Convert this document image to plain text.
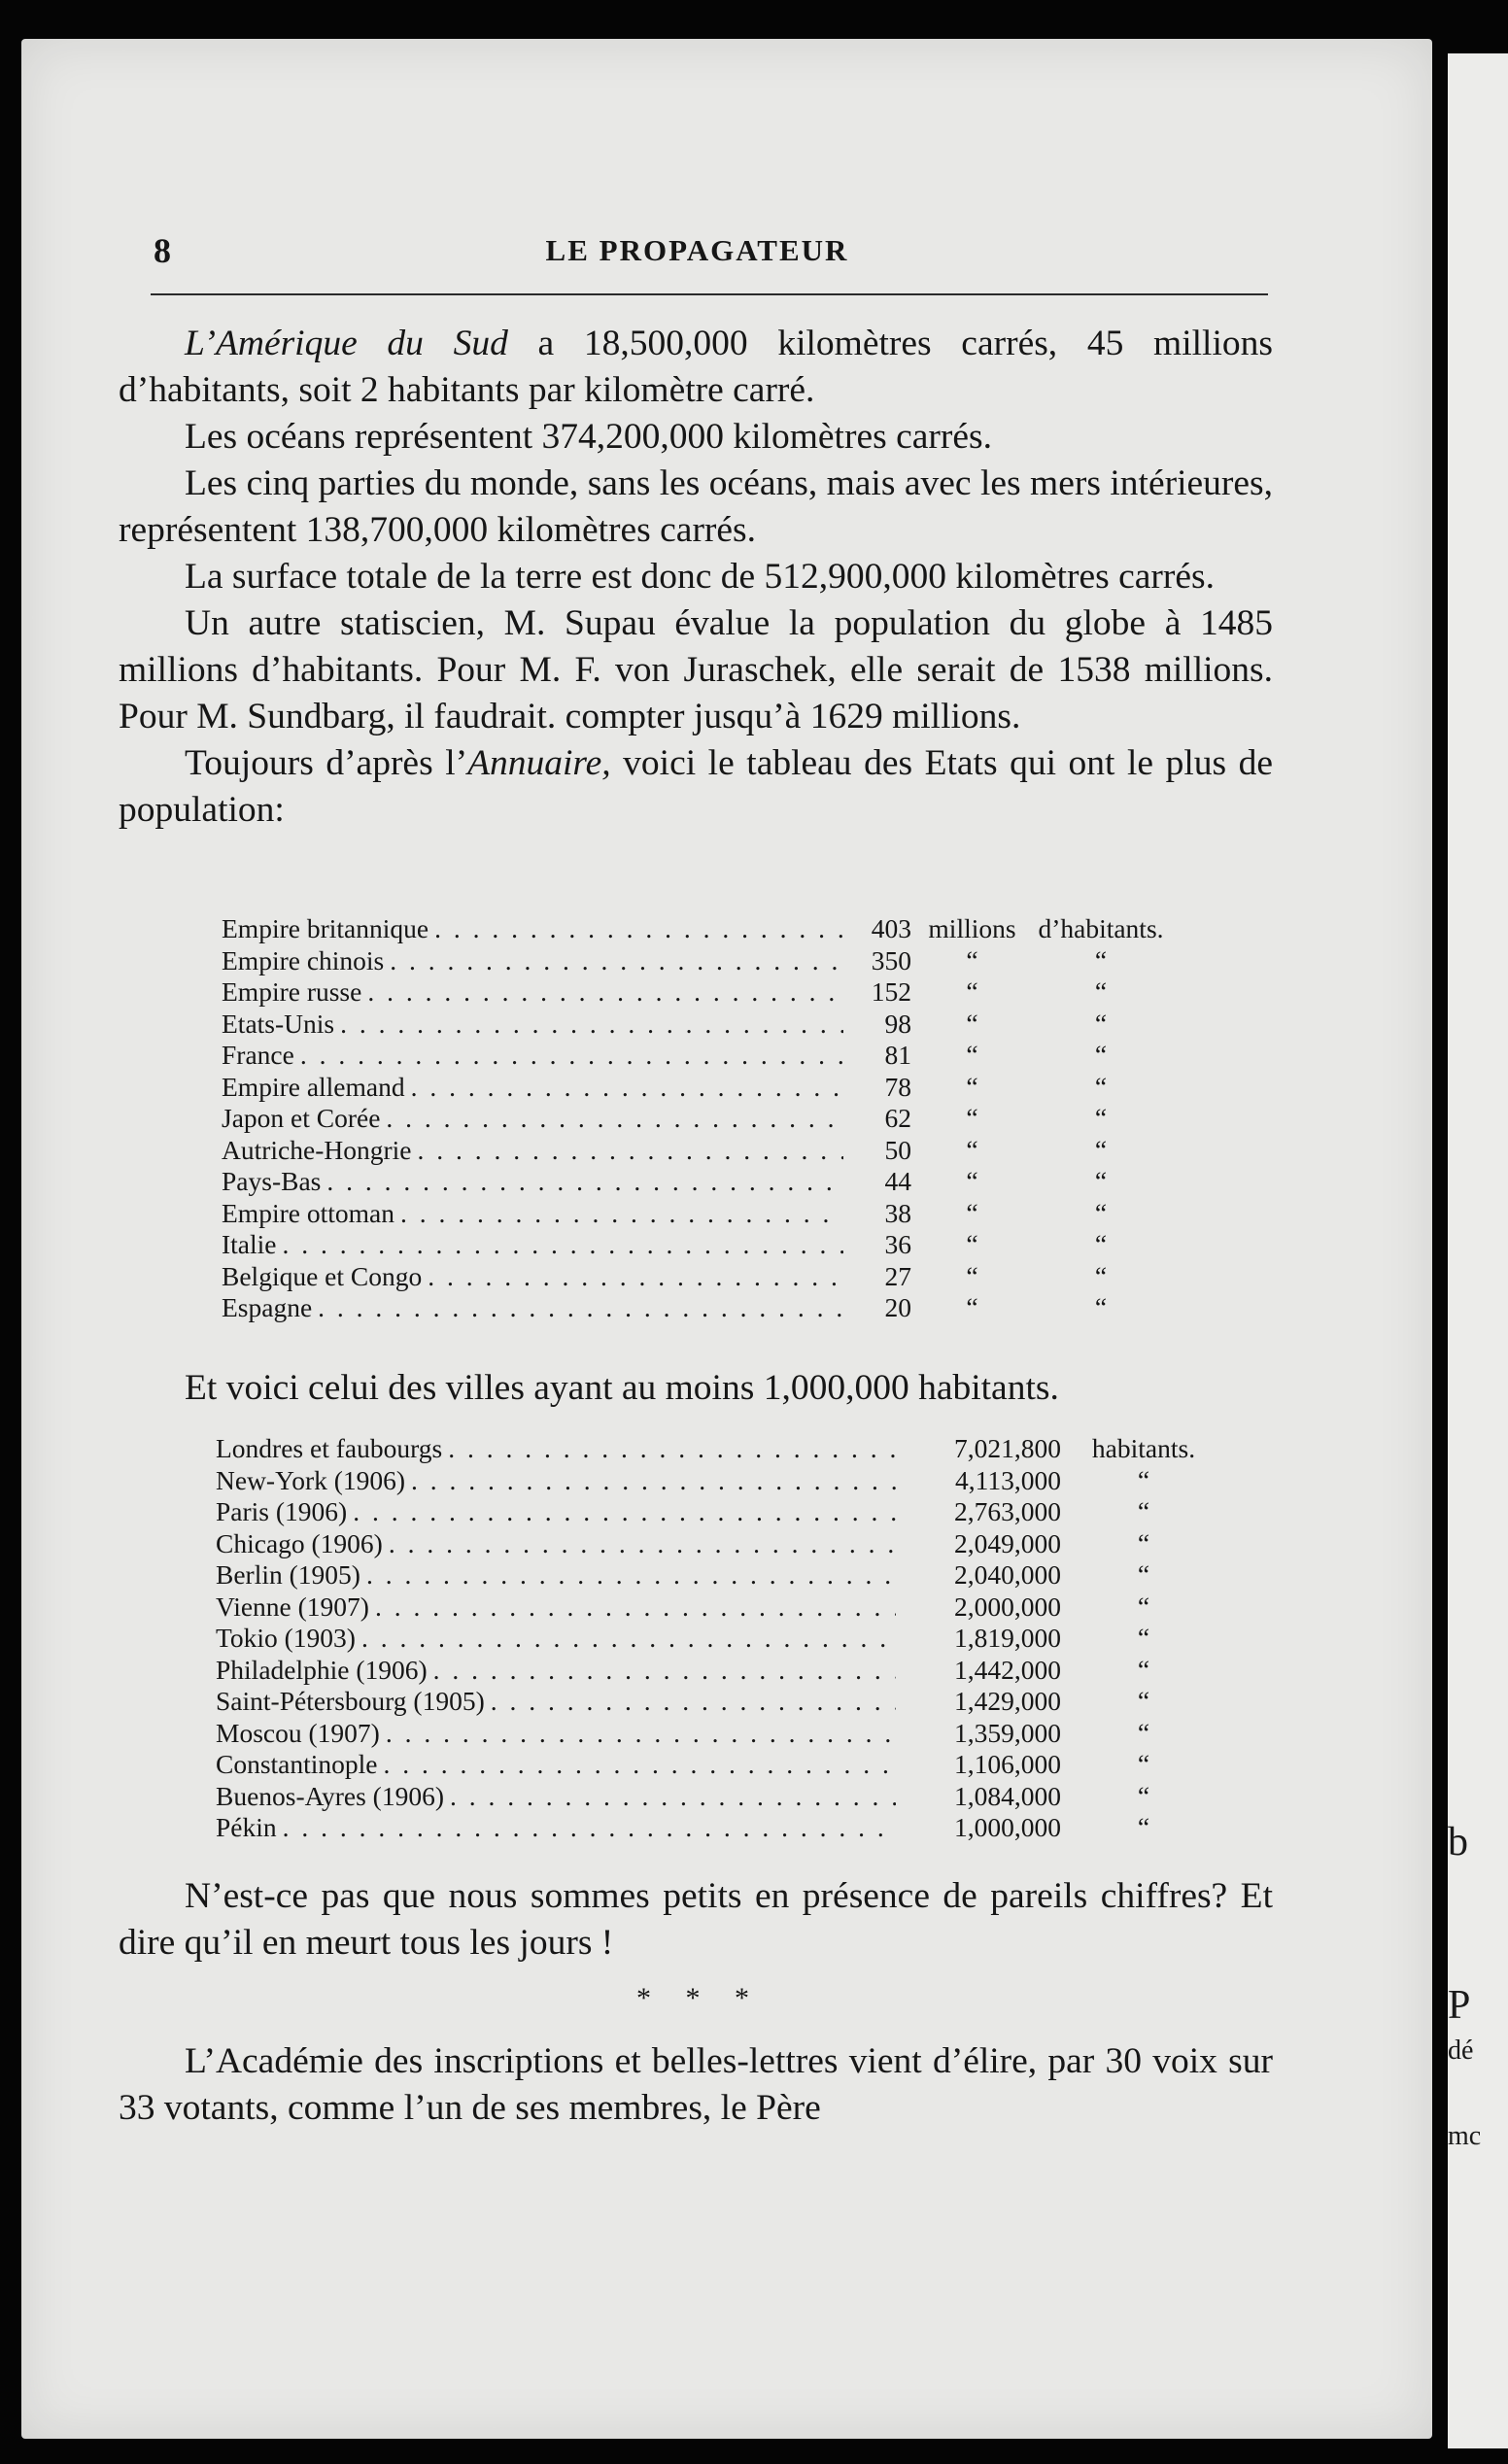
8	LE PROPAGATEUR

L’Amérique du Sud a 18,500,000 kilomètres carrés, 45 millions d’habitants, soit 2 habitants par kilomètre carré.

Les océans représentent 374,200,000 kilomètres carrés.

Les cinq parties du monde, sans les océans, mais avec les mers intérieures, représentent 138,700,000 kilomètres carrés.

La surface totale de la terre est donc de 512,900,000 kilomètres carrés.

Un autre statiscien, M. Supau évalue la population du globe à 1485 millions d’habitants. Pour M. F. von Juraschek, elle serait de 1538 millions. Pour M. Sundbarg, il faudrait. compter jusqu’à 1629 millions.

Toujours d’après l’Annuaire, voici le tableau des Etats qui ont le plus de population:

Empire britannique . . .	403	millions	d’habitants.
Empire chinois . . .	350	“	“
Empire russe . . .	152	“	“
Etats-Unis . . .	98	“	“
France . . .	81	“	“
Empire allemand . . .	78	“	“
Japon et Corée . . .	62	“	“
Autriche-Hongrie . . .	50	“	“
Pays-Bas . . .	44	“	“
Empire ottoman . . .	38	“	“
Italie . . .	36	“	“
Belgique et Congo . . .	27	“	“
Espagne . . .	20	“	“

Et voici celui des villes ayant au moins 1,000,000 habitants.

Londres et faubourgs . . .	7,021,800	habitants.
New-York (1906) . . .	4,113,000	“
Paris (1906) . . .	2,763,000	“
Chicago (1906) . . .	2,049,000	“
Berlin (1905) . . .	2,040,000	“
Vienne (1907) . . .	2,000,000	“
Tokio (1903) . . .	1,819,000	“
Philadelphie (1906) . . .	1,442,000	“
Saint-Pétersbourg (1905) . . .	1,429,000	“
Moscou (1907) . . .	1,359,000	“
Constantinople . . .	1,106,000	“
Buenos-Ayres (1906) . . .	1,084,000	“
Pékin . . .	1,000,000	“

N’est-ce pas que nous sommes petits en présence de pareils chiffres? Et dire qu’il en meurt tous les jours !

* * *

L’Académie des inscriptions et belles-lettres vient d’élire, par 30 voix sur 33 votants, comme l’un de ses membres, le Père

b
P
dé
mc
